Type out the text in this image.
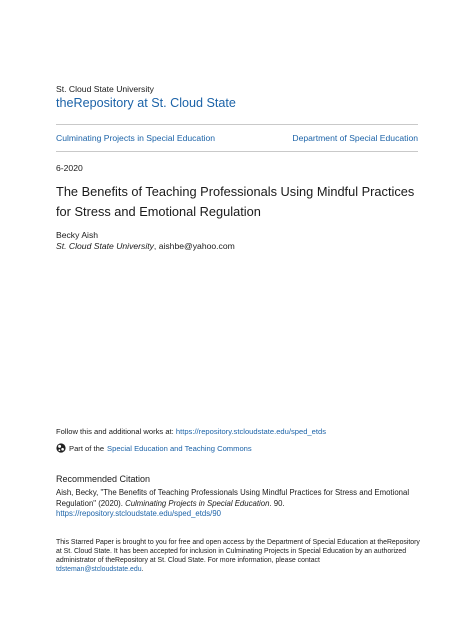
St. Cloud State University
theRepository at St. Cloud State
Culminating Projects in Special Education	Department of Special Education
6-2020
The Benefits of Teaching Professionals Using Mindful Practices for Stress and Emotional Regulation
Becky Aish
St. Cloud State University, aishbe@yahoo.com
Follow this and additional works at: https://repository.stcloudstate.edu/sped_etds
Part of the Special Education and Teaching Commons
Recommended Citation
Aish, Becky, "The Benefits of Teaching Professionals Using Mindful Practices for Stress and Emotional Regulation" (2020). Culminating Projects in Special Education. 90.
https://repository.stcloudstate.edu/sped_etds/90
This Starred Paper is brought to you for free and open access by the Department of Special Education at theRepository at St. Cloud State. It has been accepted for inclusion in Culminating Projects in Special Education by an authorized administrator of theRepository at St. Cloud State. For more information, please contact
tdsteman@stcloudstate.edu.
